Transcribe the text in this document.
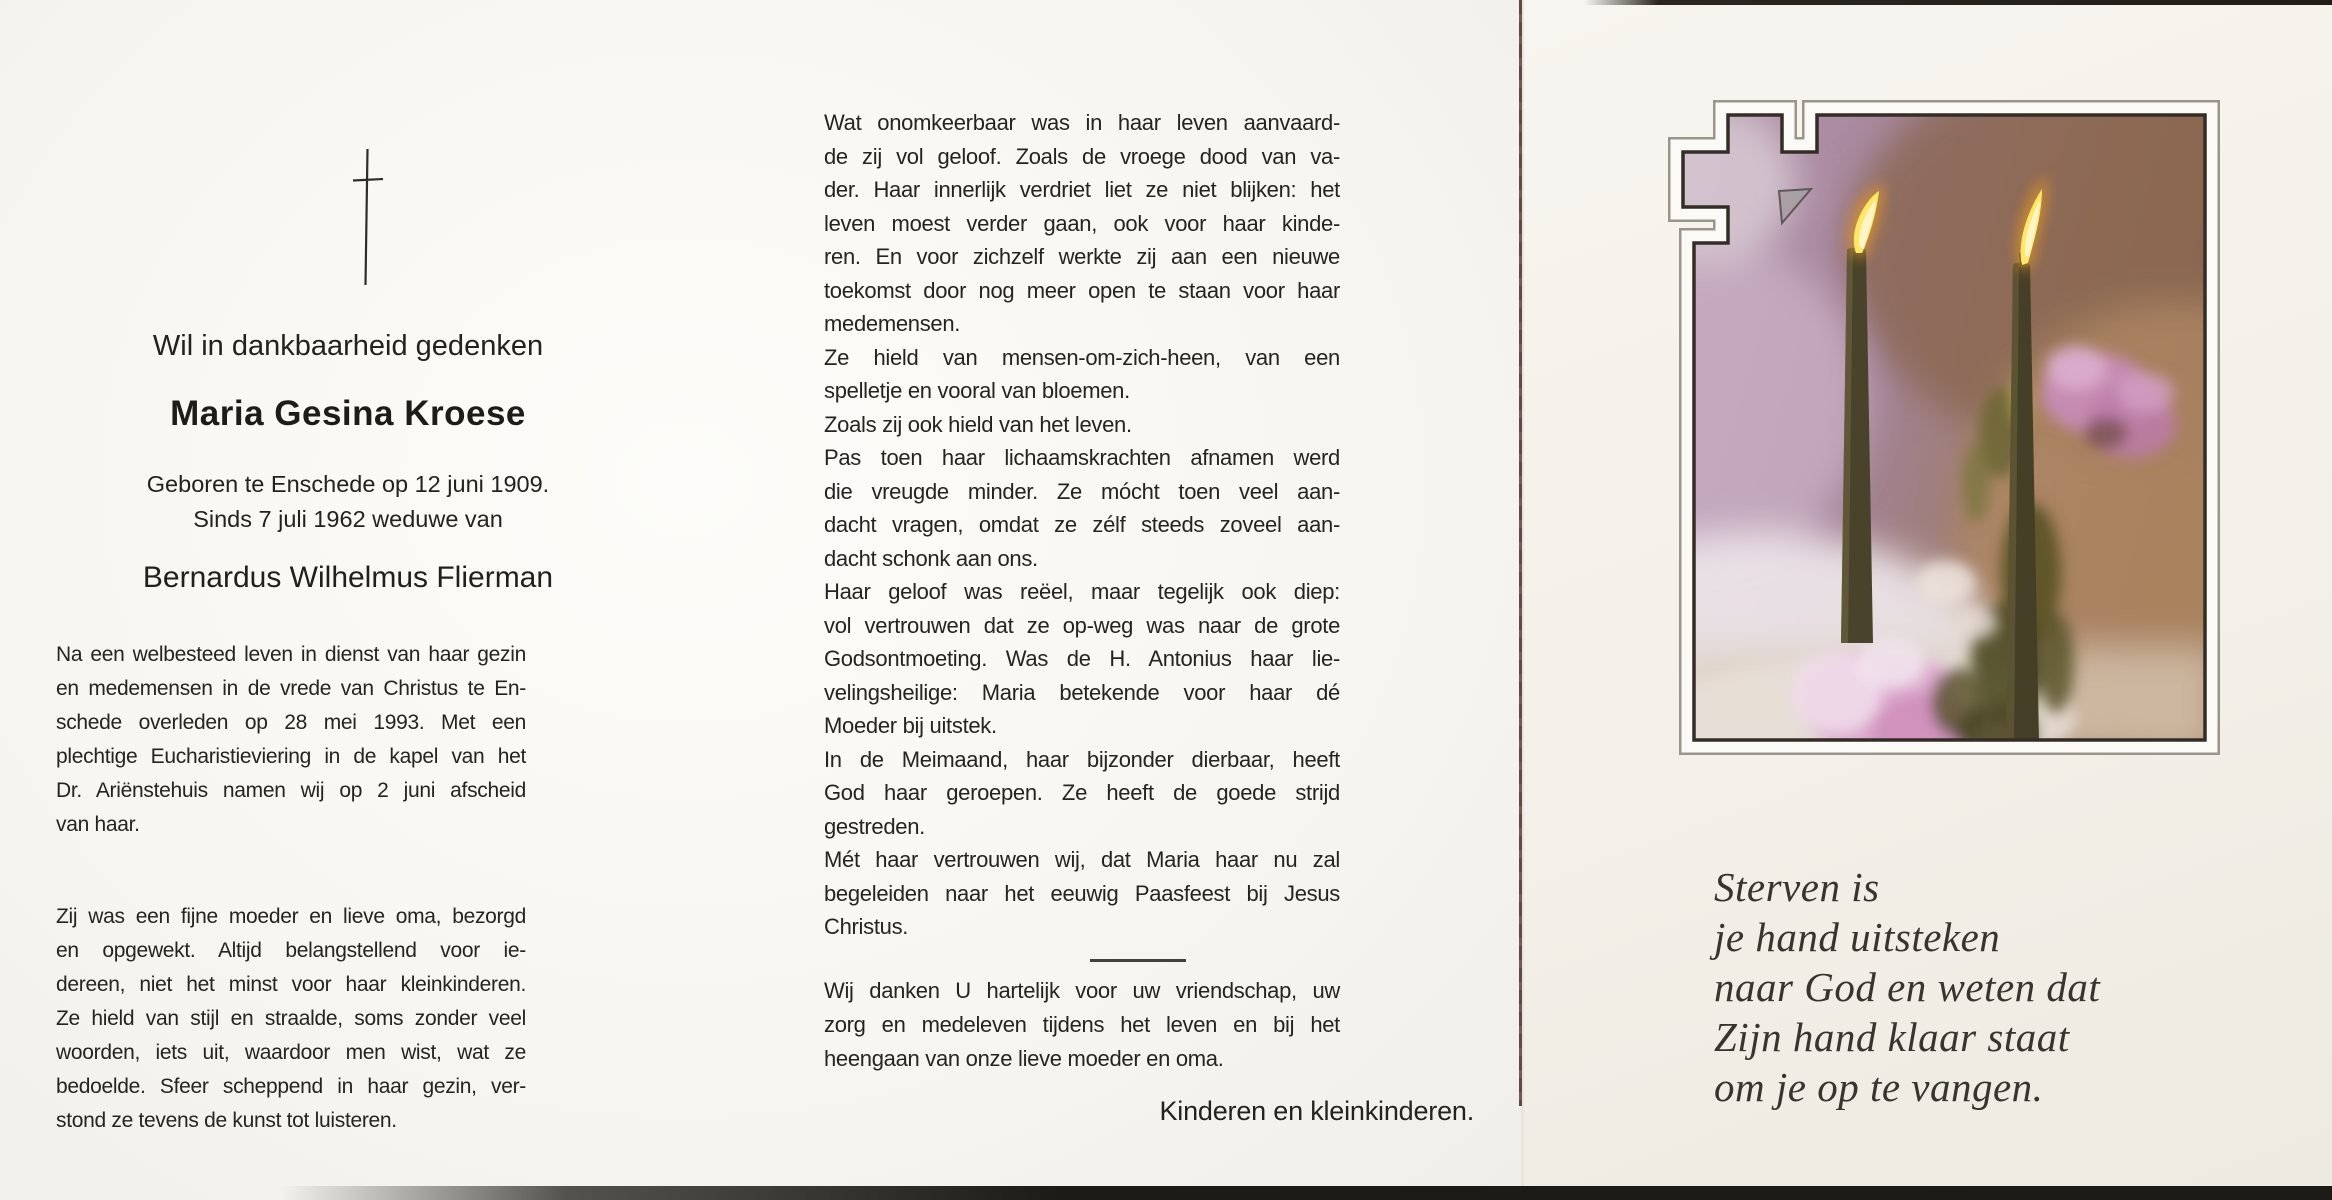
Wil in dankbaarheid gedenken
Maria Gesina Kroese
Geboren te Enschede op 12 juni 1909.
Sinds 7 juli 1962 weduwe van
Bernardus Wilhelmus Flierman
Na een welbesteed leven in dienst van haar gezin
en medemensen in de vrede van Christus te En-
schede overleden op 28 mei 1993. Met een
plechtige Eucharistieviering in de kapel van het
Dr. Ariënstehuis namen wij op 2 juni afscheid
van haar.
Zij was een fijne moeder en lieve oma, bezorgd
en opgewekt. Altijd belangstellend voor ie-
dereen, niet het minst voor haar kleinkinderen.
Ze hield van stijl en straalde, soms zonder veel
woorden, iets uit, waardoor men wist, wat ze
bedoelde. Sfeer scheppend in haar gezin, ver-
stond ze tevens de kunst tot luisteren.
Wat onomkeerbaar was in haar leven aanvaard-
de zij vol geloof. Zoals de vroege dood van va-
der. Haar innerlijk verdriet liet ze niet blijken: het
leven moest verder gaan, ook voor haar kinde-
ren. En voor zichzelf werkte zij aan een nieuwe
toekomst door nog meer open te staan voor haar
medemensen.
Ze hield van mensen-om-zich-heen, van een
spelletje en vooral van bloemen.
Zoals zij ook hield van het leven.
Pas toen haar lichaamskrachten afnamen werd
die vreugde minder. Ze mócht toen veel aan-
dacht vragen, omdat ze zélf steeds zoveel aan-
dacht schonk aan ons.
Haar geloof was reëel, maar tegelijk ook diep:
vol vertrouwen dat ze op-weg was naar de grote
Godsontmoeting. Was de H. Antonius haar lie-
velingsheilige: Maria betekende voor haar dé
Moeder bij uitstek.
In de Meimaand, haar bijzonder dierbaar, heeft
God haar geroepen. Ze heeft de goede strijd
gestreden.
Mét haar vertrouwen wij, dat Maria haar nu zal
begeleiden naar het eeuwig Paasfeest bij Jesus
Christus.
Wij danken U hartelijk voor uw vriendschap, uw
zorg en medeleven tijdens het leven en bij het
heengaan van onze lieve moeder en oma.
Kinderen en kleinkinderen.
Sterven is
je hand uitsteken
naar God en weten dat
Zijn hand klaar staat
om je op te vangen.
